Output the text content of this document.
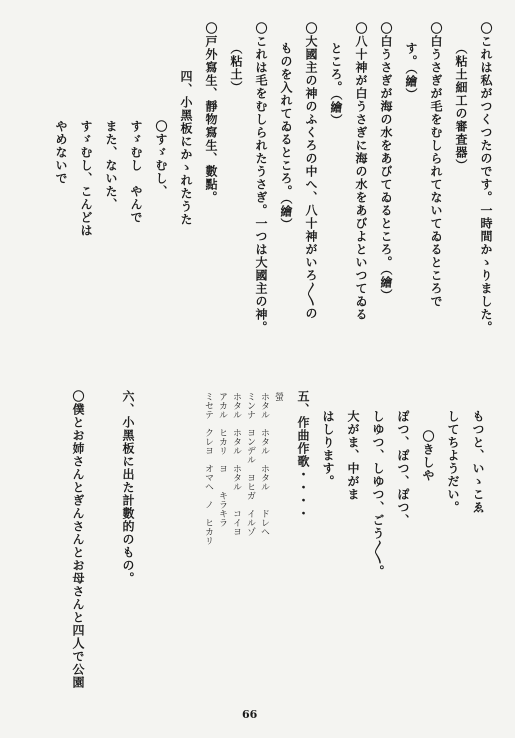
〇これは私がつくつたのです。一時間かゝりました。
（粘土細工の審査器）
〇白うさぎが毛をむしられてないてゐるところで
す。（繪）
〇白うさぎが海の水をあびてゐるところ。（繪）
〇八十神が白うさぎに海の水をあびよといつてゐる
ところ。（繪）
〇大國主の神のふくろの中へ、八十神がいろ〳〵の
ものを入れてゐるところ。（繪）
〇これは毛をむしられたうさぎ。一つは大國主の神。
（粘土）
〇戸外寫生、靜物寫生、數點。
四、小黑板にかゝれたうた
〇すゞむし、
すゞむし　やんで
また、ないた、
すゞむし、こんどは
やめないで
もつと、いゝこゑ
してちようだい。
〇きしや
ぽつ、ぽつ、ぽつ、
しゆつ、しゆつ、ごう〳〵。
大がま、中がま
はしります。
五、作曲作歌・・・・
六、小黑板に出た計數的のもの。
〇僕とお姉さんとぎんさんとお母さんと四人で公園	螢
ホタル　ホタル　ホタル　　ドレヘ
ミンナ　ヨンデル　ヨヒガ　イルゾ
ホタル　ホタル　ホタル　　コイヨ
アカル　ヒカリ　ヨ　　キラキラ
ミセテ　クレヨ　オマヘ　ノ　ヒカリ
66
